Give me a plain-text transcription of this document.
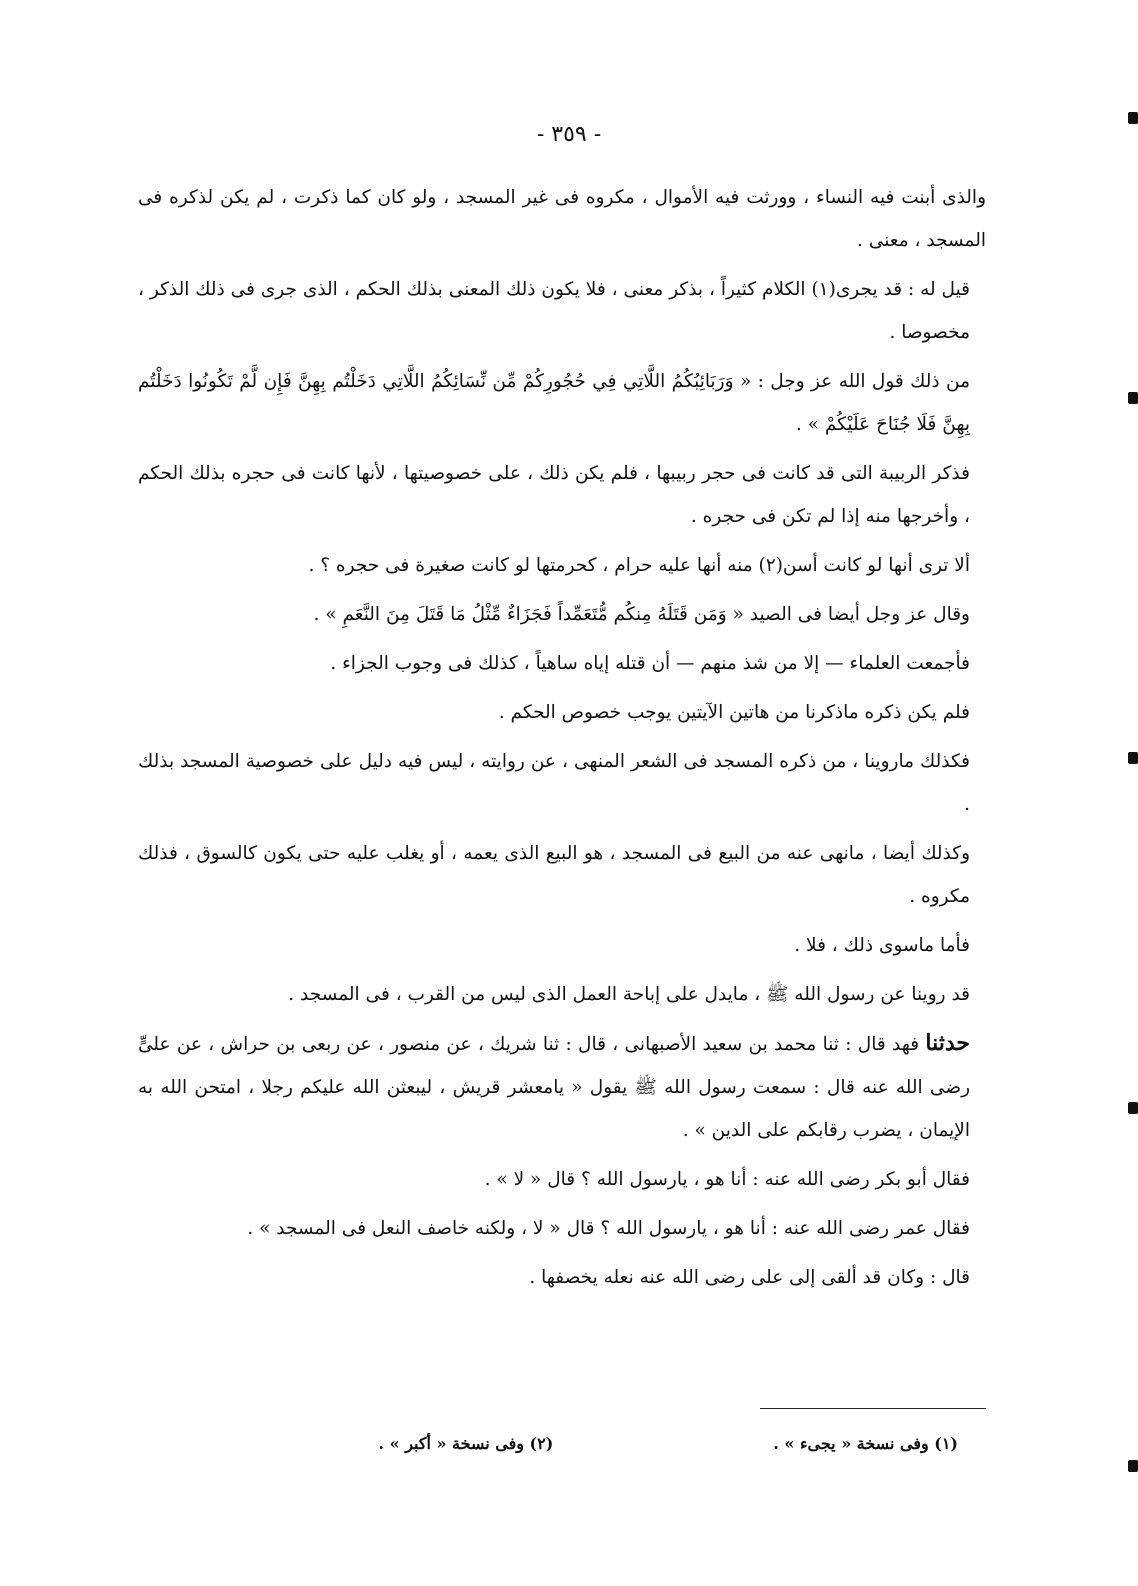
- ٣٥٩ -

والذى أبنت فيه النساء ، وورثت فيه الأموال ، مكروه فى غير المسجد ، ولو كان كما ذكرت ، لم يكن لذكره فى المسجد ، معنى .

قيل له : قد يجرى(١) الكلام كثيراً ، بذكر معنى ، فلا يكون ذلك المعنى بذلك الحكم ، الذى جرى فى ذلك الذكر ، مخصوصا .

من ذلك قول الله عز وجل : « وَرَبَائِبُكُمُ اللَّاتِي فِي حُجُورِكُمْ مِّن نِّسَائِكُمُ اللَّاتِي دَخَلْتُم بِهِنَّ فَإِن لَّمْ تَكُونُوا دَخَلْتُم بِهِنَّ فَلَا جُنَاحَ عَلَيْكُمْ » .

فذكر الربيبة التى قد كانت فى حجر ربيبها ، فلم يكن ذلك ، على خصوصيتها ، لأنها كانت فى حجره بذلك الحكم ، وأخرجها منه إذا لم تكن فى حجره .

ألا ترى أنها لو كانت أسن(٢) منه أنها عليه حرام ، كحرمتها لو كانت صغيرة فى حجره ؟ .

وقال عز وجل أيضا فى الصيد « وَمَن قَتَلَهُ مِنكُم مُّتَعَمِّداً فَجَزَاءٌ مِّثْلُ مَا قَتَلَ مِنَ النَّعَمِ » .

فأجمعت العلماء — إلا من شذ منهم — أن قتله إياه ساهياً ، كذلك فى وجوب الجزاء .

فلم يكن ذكره ماذكرنا من هاتين الآيتين يوجب خصوص الحكم .

فكذلك ماروينا ، من ذكره المسجد فى الشعر المنهى ، عن روايته ، ليس فيه دليل على خصوصية المسجد بذلك .

وكذلك أيضا ، مانهى عنه من البيع فى المسجد ، هو البيع الذى يعمه ، أو يغلب عليه حتى يكون كالسوق ، فذلك مكروه .

فأما ماسوى ذلك ، فلا .

قد روينا عن رسول الله ﷺ ، مايدل على إباحة العمل الذى ليس من القرب ، فى المسجد .

حدثنا فهد قال : ثنا محمد بن سعيد الأصبهانى ، قال : ثنا شريك ، عن منصور ، عن ربعى بن حراش ، عن علىٍّ رضى الله عنه قال : سمعت رسول الله ﷺ يقول « يامعشر قريش ، ليبعثن الله عليكم رجلا ، امتحن الله به الإيمان ، يضرب رقابكم على الدين » .

فقال أبو بكر رضى الله عنه : أنا هو ، يارسول الله ؟ قال « لا » .

فقال عمر رضى الله عنه : أنا هو ، يارسول الله ؟ قال « لا ، ولكنه خاصف النعل فى المسجد » .

قال : وكان قد ألقى إلى على رضى الله عنه نعله يخصفها .

(١) وفى نسخة « يجىء » .
(٢) وفى نسخة « أكبر » .
